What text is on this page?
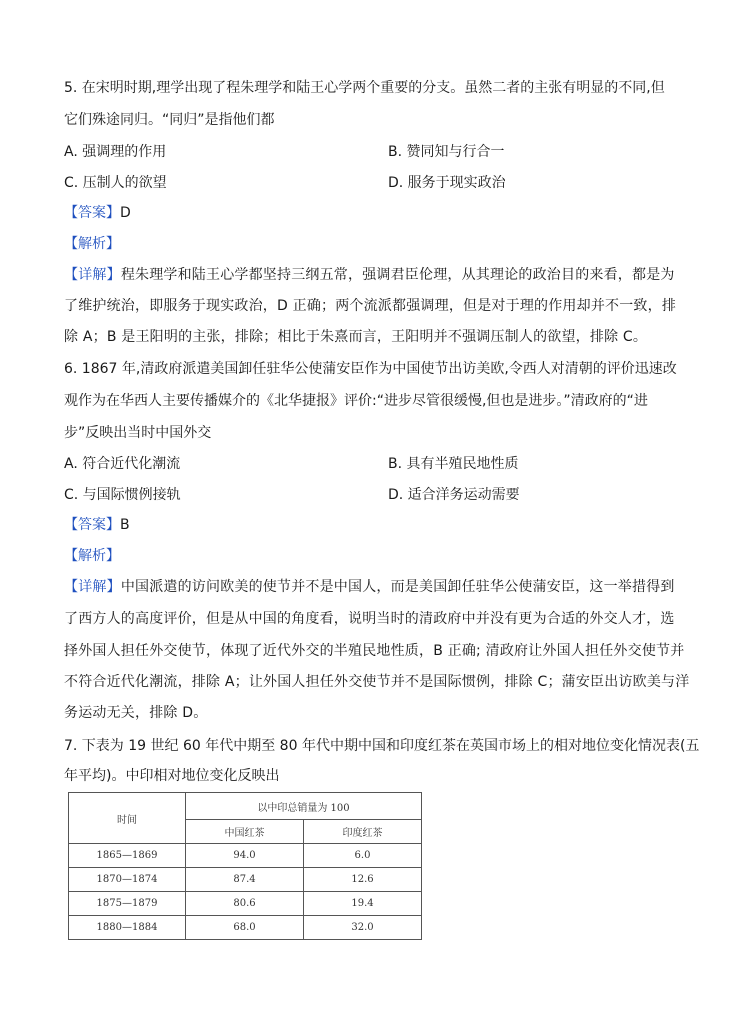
5. 在宋明时期,理学出现了程朱理学和陆王心学两个重要的分支。虽然二者的主张有明显的不同,但
它们殊途同归。“同归”是指他们都
A. 强调理的作用	B. 赞同知与行合一
C. 压制人的欲望	D. 服务于现实政治
【答案】D
【解析】
【详解】程朱理学和陆王心学都坚持三纲五常，强调君臣伦理，从其理论的政治目的来看，都是为
了维护统治，即服务于现实政治，D 正确；两个流派都强调理，但是对于理的作用却并不一致，排
除 A；B 是王阳明的主张，排除；相比于朱熹而言，王阳明并不强调压制人的欲望，排除 C。
6. 1867 年,清政府派遣美国卸任驻华公使蒲安臣作为中国使节出访美欧,令西人对清朝的评价迅速改
观作为在华西人主要传播媒介的《北华捷报》评价:“进步尽管很缓慢,但也是进步。”清政府的“进
步”反映出当时中国外交
A. 符合近代化潮流	B. 具有半殖民地性质
C. 与国际惯例接轨	D. 适合洋务运动需要
【答案】B
【解析】
【详解】中国派遣的访问欧美的使节并不是中国人，而是美国卸任驻华公使蒲安臣，这一举措得到
了西方人的高度评价，但是从中国的角度看，说明当时的清政府中并没有更为合适的外交人才，选
择外国人担任外交使节，体现了近代外交的半殖民地性质，B 正确; 清政府让外国人担任外交使节并
不符合近代化潮流，排除 A；让外国人担任外交使节并不是国际惯例，排除 C；蒲安臣出访欧美与洋
务运动无关，排除 D。
7. 下表为 19 世纪 60 年代中期至 80 年代中期中国和印度红茶在英国市场上的相对地位变化情况表(五
年平均)。中印相对地位变化反映出
时间	以中印总销量为 100	
	中国红茶	印度红茶
1865—1869	94.0	6.0
1870—1874	87.4	12.6
1875—1879	80.6	19.4
1880—1884	68.0	32.0
